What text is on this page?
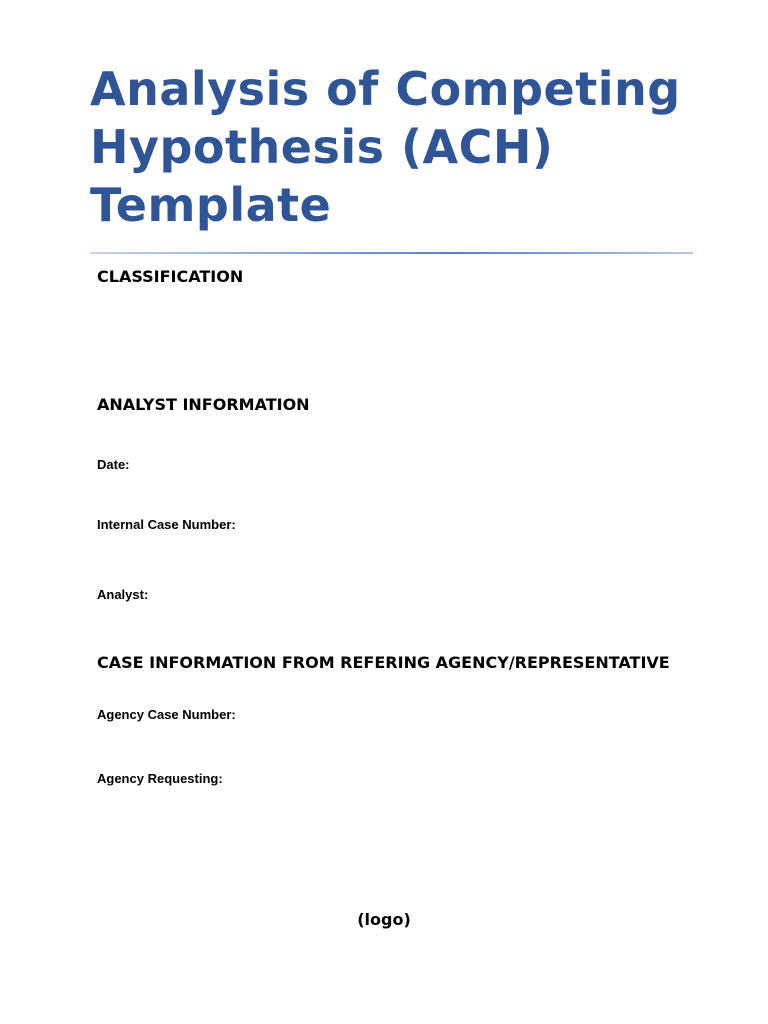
Analysis of Competing Hypothesis (ACH) Template
CLASSIFICATION
ANALYST INFORMATION

Date:

Internal Case Number:

Analyst:

CASE INFORMATION FROM REFERING AGENCY/REPRESENTATIVE

Agency Case Number:

Agency Requesting:

(logo)
